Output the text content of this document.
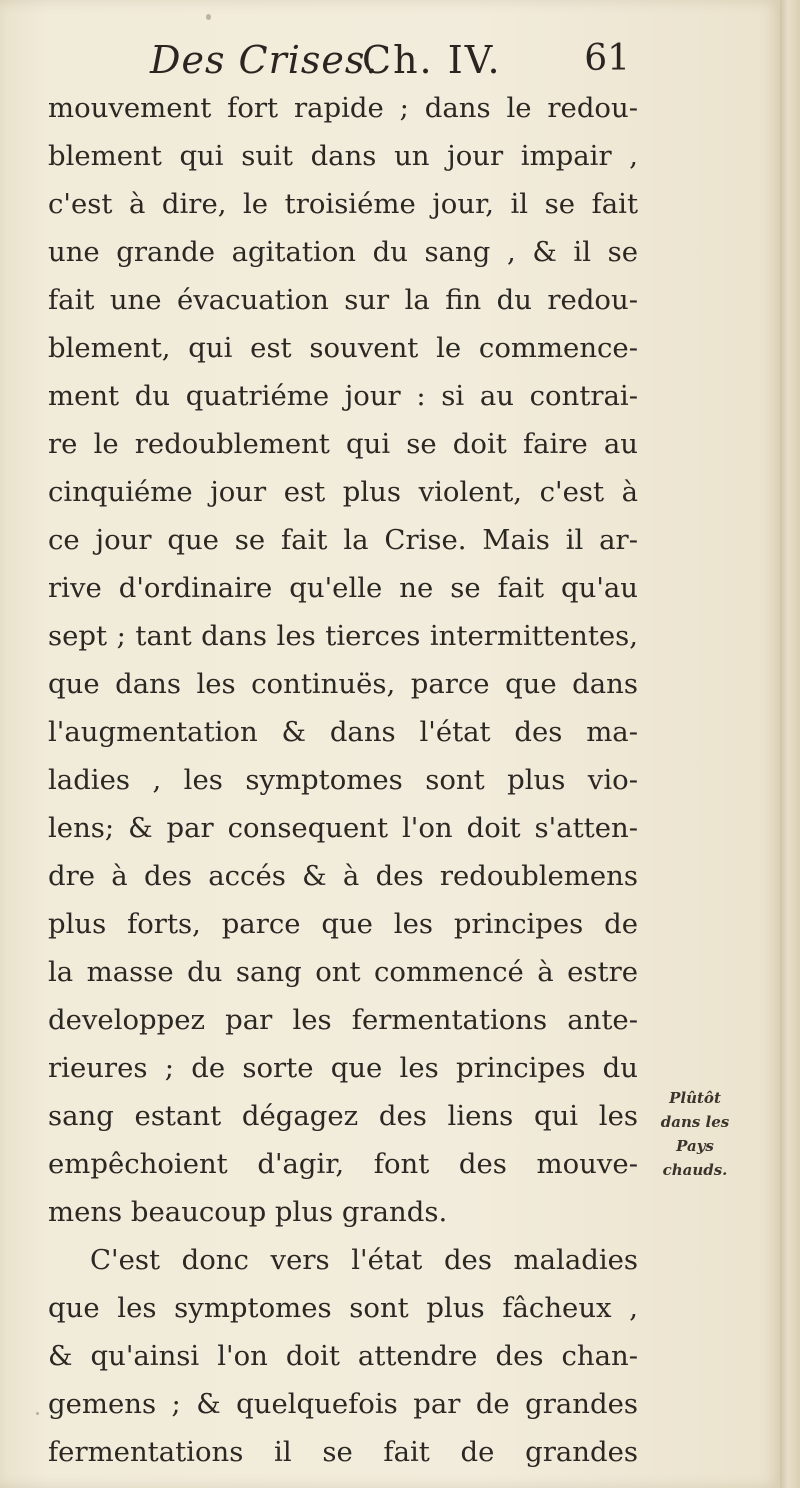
Des Crises.
Ch. IV. 61
mouvement fort rapide ; dans le redou-
blement qui suit dans un jour impair ,
c'est à dire, le troisiéme jour, il se fait
une grande agitation du sang , & il se
fait une évacuation sur la fin du redou-
blement, qui est souvent le commence-
ment du quatriéme jour : si au contrai-
re le redoublement qui se doit faire au
cinquiéme jour est plus violent, c'est à
ce jour que se fait la Crise. Mais il ar-
rive d'ordinaire qu'elle ne se fait qu'au
sept ; tant dans les tierces intermittentes,
que dans les continuës, parce que dans
l'augmentation & dans l'état des ma-
ladies , les symptomes sont plus vio-
lens; & par consequent l'on doit s'atten-
dre à des accés & à des redoublemens
plus forts, parce que les principes de
la masse du sang ont commencé à estre
developpez par les fermentations ante-
rieures ; de sorte que les principes du
sang estant dégagez des liens qui les
empêchoient d'agir, font des mouve-
mens beaucoup plus grands.
C'est donc vers l'état des maladies
que les symptomes sont plus fâcheux ,
& qu'ainsi l'on doit attendre des chan-
gemens ; & quelquefois par de grandes
fermentations il se fait de grandes
Plûtôt
dans les
Pays
chauds.
